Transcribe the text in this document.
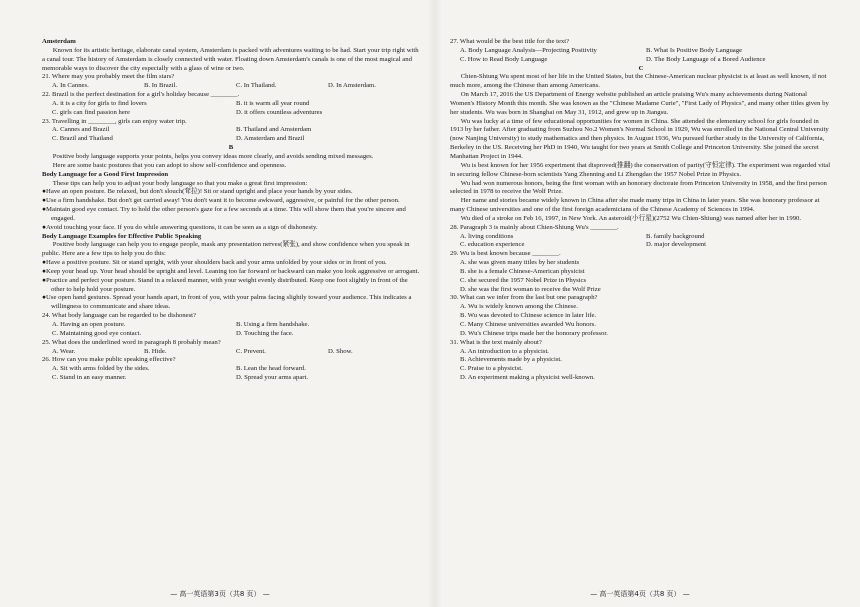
Amsterdam

Known for its artistic heritage, elaborate canal system, Amsterdam is packed with adventures waiting to be had. Start your trip right with a canal tour. The history of Amsterdam is closely connected with water. Floating down Amsterdam's canals is one of the most magical and memorable ways to discover the city especially with a glass of wine or two.

21. Where may you probably meet the film stars?

A. In Cannes.	B. In Brazil.	C. In Thailand.	D. In Amsterdam.

22. Brazil is the perfect destination for a girl's holiday because ________.

A. it is a city for girls to find lovers	B. it is warm all year round
C. girls can find passion here	D. it offers countless adventures

23. Travelling in ________, girls can enjoy water trip.

A. Cannes and Brazil	B. Thailand and Amsterdam
C. Brazil and Thailand	D. Amsterdam and Brazil

B

Positive body language supports your points, helps you convey ideas more clearly, and avoids sending mixed messages.

Here are some basic postures that you can adopt to show self-confidence and openness.

Body Language for a Good First Impression

These tips can help you to adjust your body language so that you make a great first impression:

●Have an open posture. Be relaxed, but don't slouch(耷拉)! Sit or stand upright and place your hands by your sides.

●Use a firm handshake. But don't get carried away! You don't want it to become awkward, aggressive, or painful for the other person.

●Maintain good eye contact. Try to hold the other person's gaze for a few seconds at a time. This will show them that you're sincere and engaged.

●Avoid touching your face. If you do while answering questions, it can be seen as a sign of dishonesty.

Body Language Examples for Effective Public Speaking

Positive body language can help you to engage people, mask any presentation nerves(紧张), and show confidence when you speak in public. Here are a few tips to help you do this:

●Have a positive posture. Sit or stand upright, with your shoulders back and your arms unfolded by your sides or in front of you.

●Keep your head up. Your head should be upright and level. Leaning too far forward or backward can make you look aggressive or arrogant.

●Practice and perfect your posture. Stand in a relaxed manner, with your weight evenly distributed. Keep one foot slightly in front of the other to help hold your posture.

●Use open hand gestures. Spread your hands apart, in front of you, with your palms facing slightly toward your audience. This indicates a willingness to communicate and share ideas.

24. What body language can be regarded to be dishonest?

A. Having an open posture.	B. Using a firm handshake.
C. Maintaining good eye contact.	D. Touching the face.

25. What does the underlined word in paragraph 8 probably mean?

A. Wear.	B. Hide.	C. Prevent.	D. Show.

26. How can you make public speaking effective?

A. Sit with arms folded by the sides.	B. Lean the head forward.
C. Stand in an easy manner.	D. Spread your arms apart.

27. What would be the best title for the text?

A. Body Language Analysis—Projecting Positivity	B. What Is Positive Body Language
C. How to Read Body Language	D. The Body Language of a Bored Audience

C

Chien-Shiung Wu spent most of her life in the United States, but the Chinese-American nuclear physicist is at least as well known, if not much more, among the Chinese than among Americans.

On March 17, 2016 the US Department of Energy website published an article praising Wu's many achievements during National Women's History Month this month. She was known as the "Chinese Madame Curie", "First Lady of Physics", and many other titles given by her students. Wu was born in Shanghai on May 31, 1912, and grew up in Jiangsu.

Wu was lucky at a time of few educational opportunities for women in China. She attended the elementary school for girls founded in 1913 by her father. After graduating from Suzhou No.2 Women's Normal School in 1929, Wu was enrolled in the National Central University (now Nanjing University) to study mathematics and then physics. In August 1936, Wu pursued further study in the University of California, Berkeley in the US. Receiving her PhD in 1940, Wu taught for two years at Smith College and Princeton University. She joined the secret Manhattan Project in 1944.

Wu is best known for her 1956 experiment that disproved(推翻) the conservation of parity(守恒定律). The experiment was regarded vital in securing fellow Chinese-born scientists Yang Zhenning and Li Zhengdao the 1957 Nobel Prize in Physics.

Wu had won numerous honors, being the first woman with an honorary doctorate from Princeton University in 1958, and the first person selected in 1978 to receive the Wolf Prize.

Her name and stories became widely known in China after she made many trips in China in later years. She was honorary professor at many Chinese universities and one of the first foreign academicians of the Chinese Academy of Sciences in 1994.

Wu died of a stroke on Feb 16, 1997, in New York. An asteroid(小行星)(2752 Wu Chien-Shiung) was named after her in 1990.

28. Paragraph 3 is mainly about Chien-Shiung Wu's ________.

A. living conditions	B. family background
C. education experience	D. major development

29. Wu is best known because ________.

A. she was given many titles by her students

B. she is a female Chinese-American physicist

C. she secured the 1957 Nobel Prize in Physics

D. she was the first woman to receive the Wolf Prize

30. What can we infer from the last but one paragraph?

A. Wu is widely known among the Chinese.

B. Wu was devoted to Chinese science in later life.

C. Many Chinese universities awarded Wu honors.

D. Wu's Chinese trips made her the honorary professor.

31. What is the text mainly about?

A. An introduction to a physicist.

B. Achievements made by a physicist.

C. Praise to a physicist.

D. An experiment making a physicist well-known.

— 高一英语第3页（共8 页） —	— 高一英语第4页（共8 页） —
